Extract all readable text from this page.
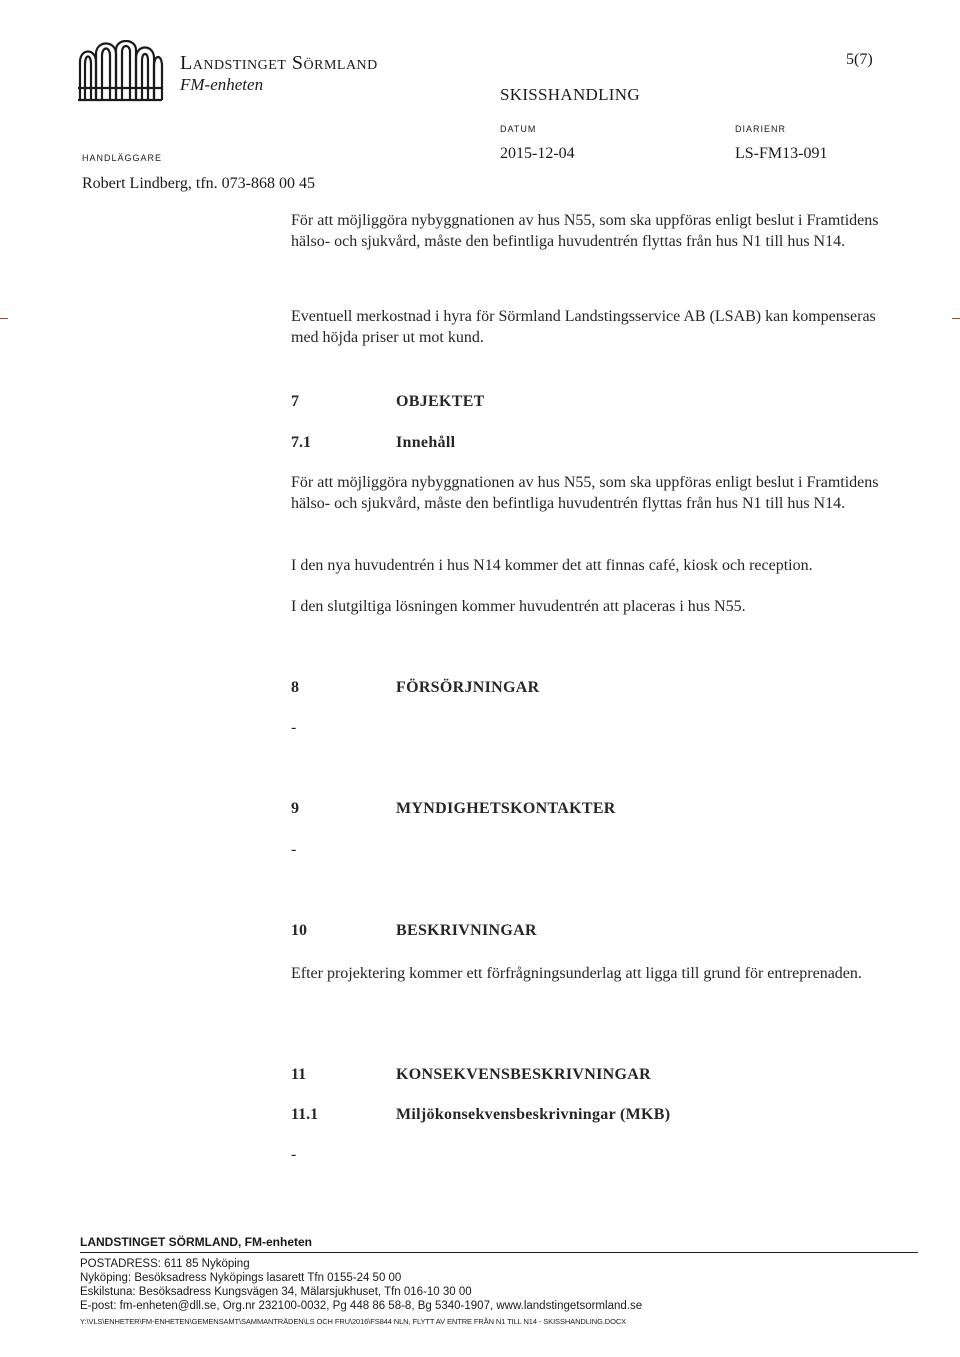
Landstinget Sörmland
FM-enheten
5(7)
SKISSHANDLING
HANDLÄGGARE
Robert Lindberg, tfn. 073-868 00 45
DATUM
2015-12-04
DIARIENR
LS-FM13-091
För att möjliggöra nybyggnationen av hus N55, som ska uppföras enligt beslut i Framtidens hälso- och sjukvård, måste den befintliga huvudentrén flyttas från hus N1 till hus N14.
Eventuell merkostnad i hyra för Sörmland Landstingsservice AB (LSAB) kan kompenseras med höjda priser ut mot kund.
7	OBJEKTET
7.1	Innehåll
För att möjliggöra nybyggnationen av hus N55, som ska uppföras enligt beslut i Framtidens hälso- och sjukvård, måste den befintliga huvudentrén flyttas från hus N1 till hus N14.
I den nya huvudentrén i hus N14 kommer det att finnas café, kiosk och reception.
I den slutgiltiga lösningen kommer huvudentrén att placeras i hus N55.
8	FÖRSÖRJNINGAR
-
9	MYNDIGHETSKONTAKTER
-
10	BESKRIVNINGAR
Efter projektering kommer ett förfrågningsunderlag att ligga till grund för entreprenaden.
11	KONSEKVENSBESKRIVNINGAR
11.1	Miljökonsekvensbeskrivningar (MKB)
-
LANDSTINGET SÖRMLAND, FM-enheten
POSTADRESS: 611 85 Nyköping
Nyköping: Besöksadress Nyköpings lasarett Tfn 0155-24 50 00
Eskilstuna: Besöksadress Kungsvägen 34, Mälarsjukhuset, Tfn 016-10 30 00
E-post: fm-enheten@dll.se, Org.nr 232100-0032, Pg 448 86 58-8, Bg 5340-1907, www.landstingetsormland.se
Y:\VLS\ENHETER\FM-ENHETEN\GEMENSAMT\SAMMANTRÄDEN\LS OCH FRU\2016\FS844 NLN, FLYTT AV ENTRE FRÅN N1 TILL N14 - SKISSHANDLING.DOCX
